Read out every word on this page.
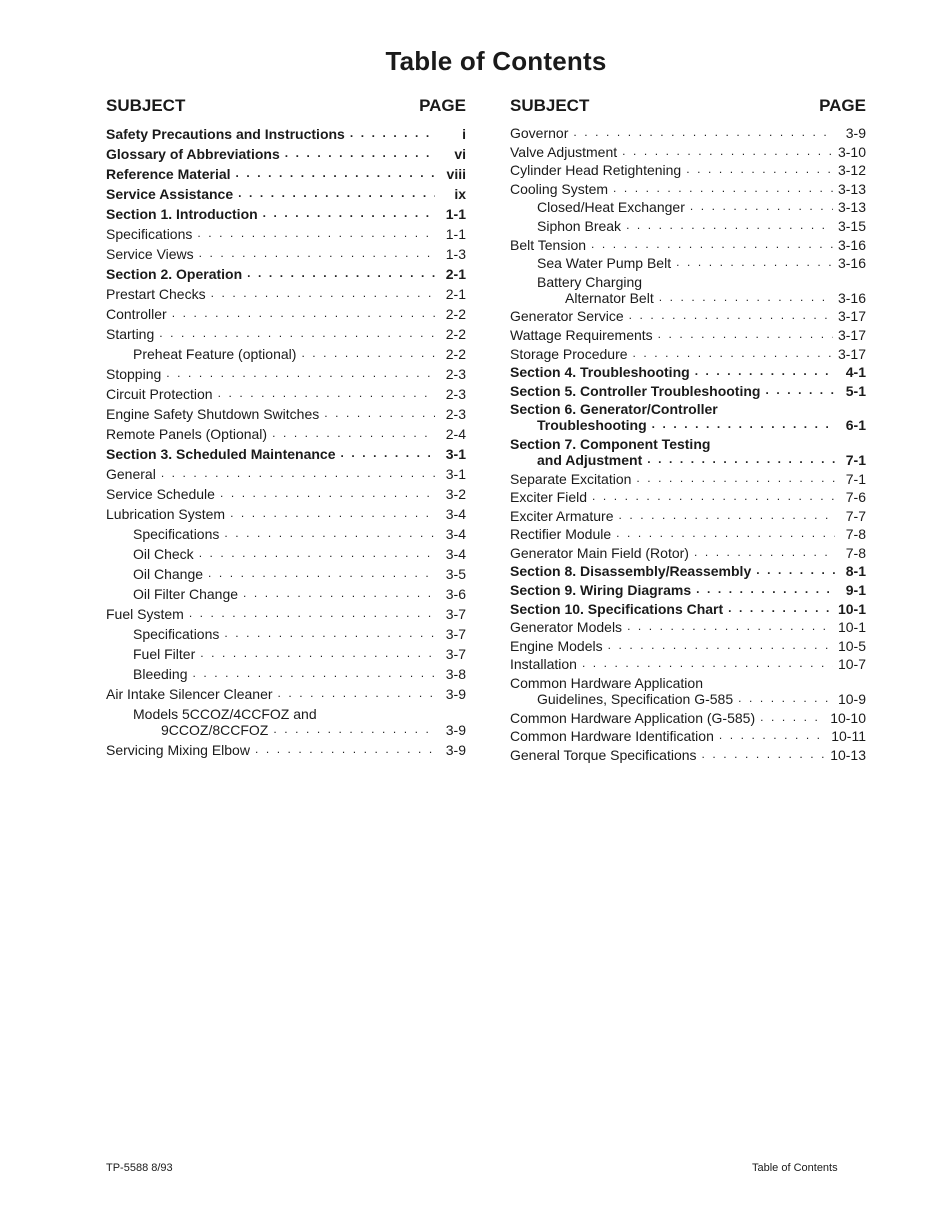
Table of Contents
SUBJECT	PAGE
Safety Precautions and Instructions . . .	i
Glossary of Abbreviations . . .	vi
Reference Material . . .	viii
Service Assistance . . .	ix
Section 1. Introduction . . .	1-1
Specifications . . .	1-1
Service Views . . .	1-3
Section 2. Operation . . .	2-1
Prestart Checks . . .	2-1
Controller . . .	2-2
Starting . . .	2-2
Preheat Feature (optional) . . .	2-2
Stopping . . .	2-3
Circuit Protection . . .	2-3
Engine Safety Shutdown Switches . . .	2-3
Remote Panels (Optional) . . .	2-4
Section 3. Scheduled Maintenance . . .	3-1
General . . .	3-1
Service Schedule . . .	3-2
Lubrication System . . .	3-4
Specifications . . .	3-4
Oil Check . . .	3-4
Oil Change . . .	3-5
Oil Filter Change . . .	3-6
Fuel System . . .	3-7
Specifications . . .	3-7
Fuel Filter . . .	3-7
Bleeding . . .	3-8
Air Intake Silencer Cleaner . . .	3-9
Models 5CCOZ/4CCFOZ and
9CCOZ/8CCFOZ . . .	3-9
Servicing Mixing Elbow . . .	3-9
SUBJECT	PAGE
Governor . . .	3-9
Valve Adjustment . . .	3-10
Cylinder Head Retightening . . .	3-12
Cooling System . . .	3-13
Closed/Heat Exchanger . . .	3-13
Siphon Break . . .	3-15
Belt Tension . . .	3-16
Sea Water Pump Belt . . .	3-16
Battery Charging
Alternator Belt . . .	3-16
Generator Service . . .	3-17
Wattage Requirements . . .	3-17
Storage Procedure . . .	3-17
Section 4. Troubleshooting . . .	4-1
Section 5. Controller Troubleshooting . . .	5-1
Section 6. Generator/Controller
Troubleshooting . . .	6-1
Section 7. Component Testing
and Adjustment . . .	7-1
Separate Excitation . . .	7-1
Exciter Field . . .	7-6
Exciter Armature . . .	7-7
Rectifier Module . . .	7-8
Generator Main Field (Rotor) . . .	7-8
Section 8. Disassembly/Reassembly . . .	8-1
Section 9. Wiring Diagrams . . .	9-1
Section 10. Specifications Chart . . .	10-1
Generator Models . . .	10-1
Engine Models . . .	10-5
Installation . . .	10-7
Common Hardware Application
Guidelines, Specification G-585 . . .	10-9
Common Hardware Application (G-585) . . .	10-10
Common Hardware Identification . . .	10-11
General Torque Specifications . . .	10-13
TP-5588 8/93	Table of Contents
